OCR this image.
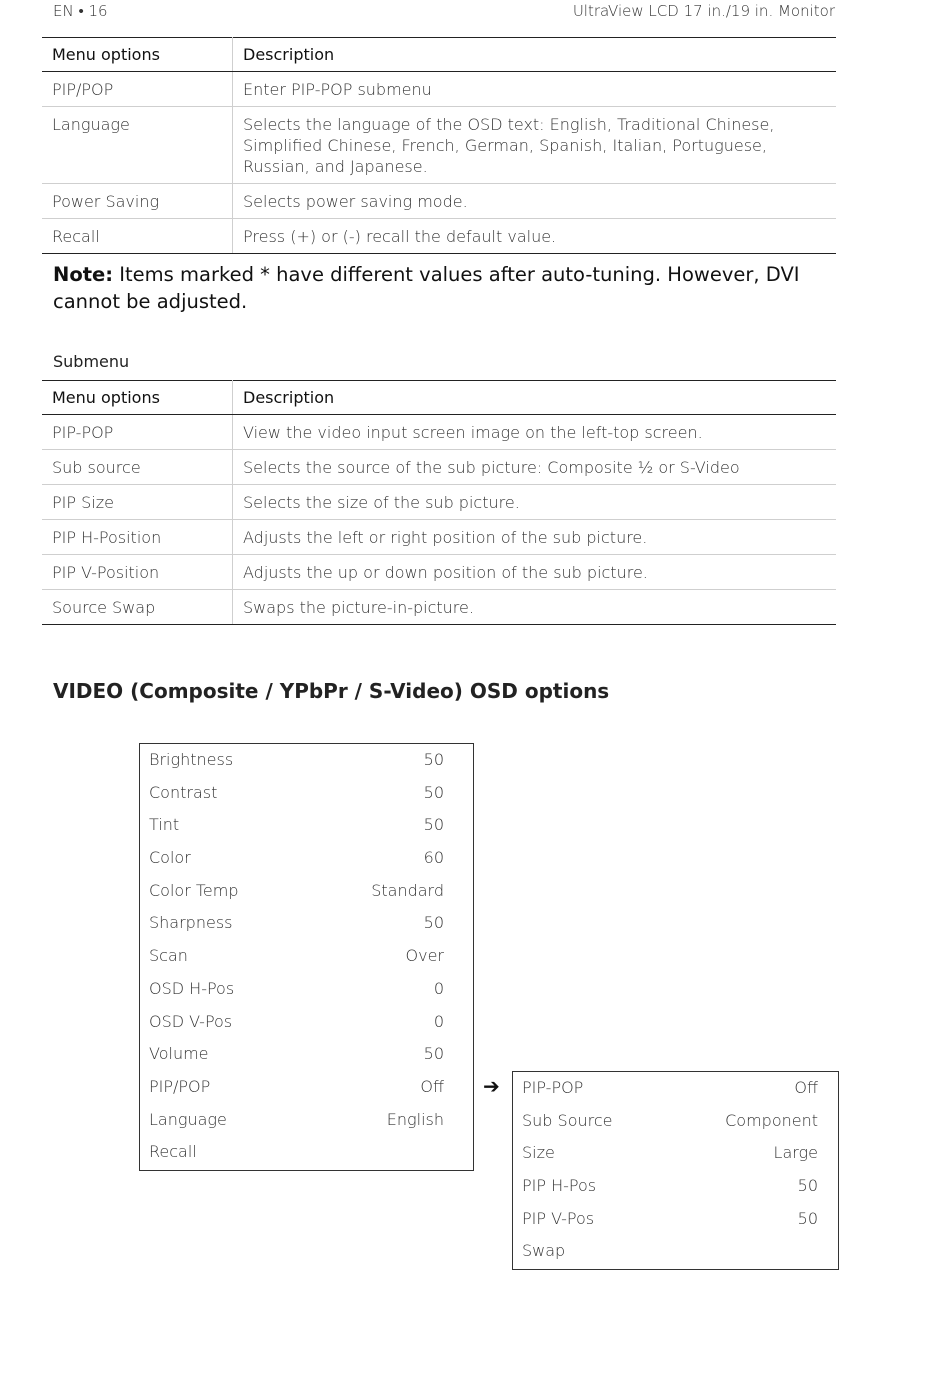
EN • 16	UltraView LCD 17 in./19 in. Monitor
Menu options	Description
PIP/POP	Enter PIP-POP submenu
Language	Selects the language of the OSD text: English, Traditional Chinese, Simplified Chinese, French, German, Spanish, Italian, Portuguese, Russian, and Japanese.
Power Saving	Selects power saving mode.
Recall	Press (+) or (-) recall the default value.
Note: Items marked * have different values after auto-tuning. However, DVI cannot be adjusted.
Submenu
Menu options	Description
PIP-POP	View the video input screen image on the left-top screen.
Sub source	Selects the source of the sub picture: Composite ½ or S-Video
PIP Size	Selects the size of the sub picture.
PIP H-Position	Adjusts the left or right position of the sub picture.
PIP V-Position	Adjusts the up or down position of the sub picture.
Source Swap	Swaps the picture-in-picture.
VIDEO (Composite / YPbPr / S-Video) OSD options
Brightness	50
Contrast	50
Tint	50
Color	60
Color Temp	Standard
Sharpness	50
Scan	Over
OSD H-Pos	0
OSD V-Pos	0
Volume	50
PIP/POP	Off
Language	English
Recall
➔ PIP-POP	Off
Sub Source	Component
Size	Large
PIP H-Pos	50
PIP V-Pos	50
Swap
